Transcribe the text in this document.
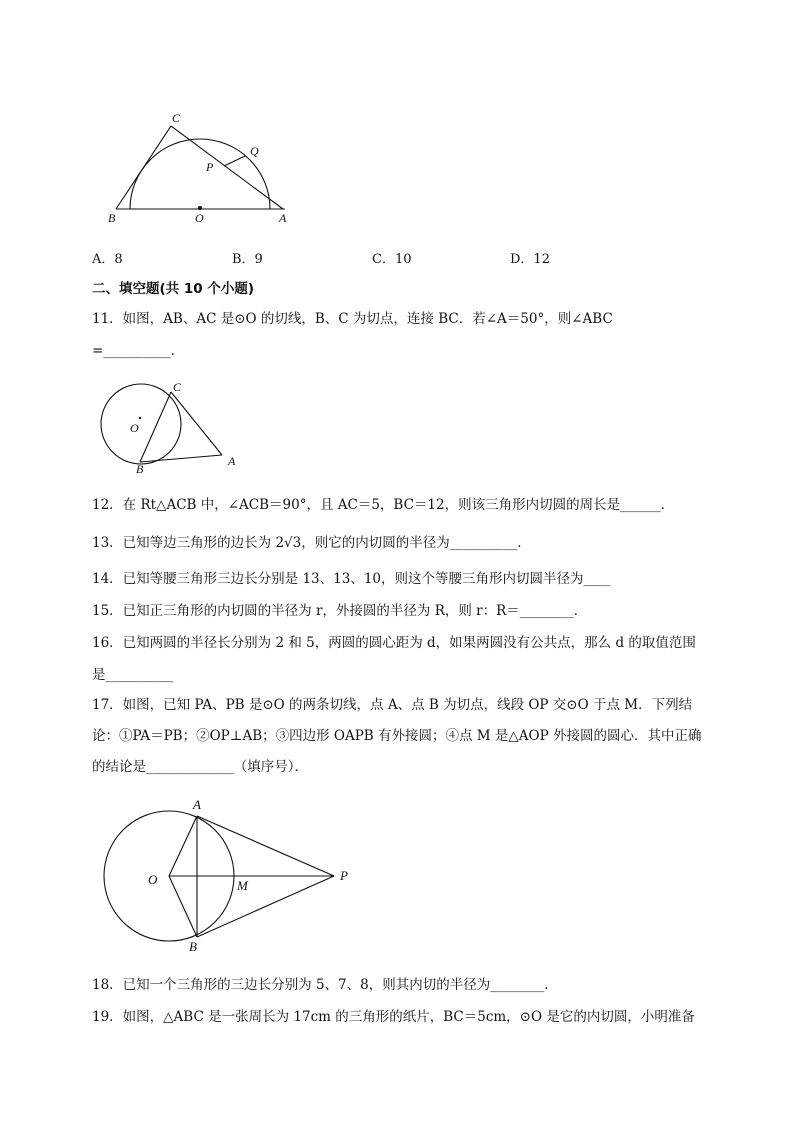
C
Q
P
B	O	A
A．8	B．9	C．10	D．12
二、填空题(共 10 个小题)
11．如图，AB、AC 是⊙O 的切线，B、C 为切点，连接 BC．若∠A＝50°，则∠ABC
=__________．
C
O
B
A
12．在 Rt△ACB 中，∠ACB＝90°，且 AC＝5，BC＝12，则该三角形内切圆的周长是______．
13．已知等边三角形的边长为 2√3，则它的内切圆的半径为__________．
14．已知等腰三角形三边长分别是 13、13、10，则这个等腰三角形内切圆半径为____
15．已知正三角形的内切圆的半径为 r，外接圆的半径为 R，则 r：R＝________．
16．已知两圆的半径长分别为 2 和 5，两圆的圆心距为 d，如果两圆没有公共点，那么 d 的取值范围
是__________
17．如图，已知 PA、PB 是⊙O 的两条切线，点 A、点 B 为切点，线段 OP 交⊙O 于点 M．下列结
论：①PA＝PB；②OP⊥AB；③四边形 OAPB 有外接圆；④点 M 是△AOP 外接圆的圆心．其中正确
的结论是_____________（填序号）．
A
O	M
P
B
18．已知一个三角形的三边长分别为 5、7、8，则其内切的半径为________．
19．如图，△ABC 是一张周长为 17cm 的三角形的纸片，BC＝5cm，⊙O 是它的内切圆，小明准备
